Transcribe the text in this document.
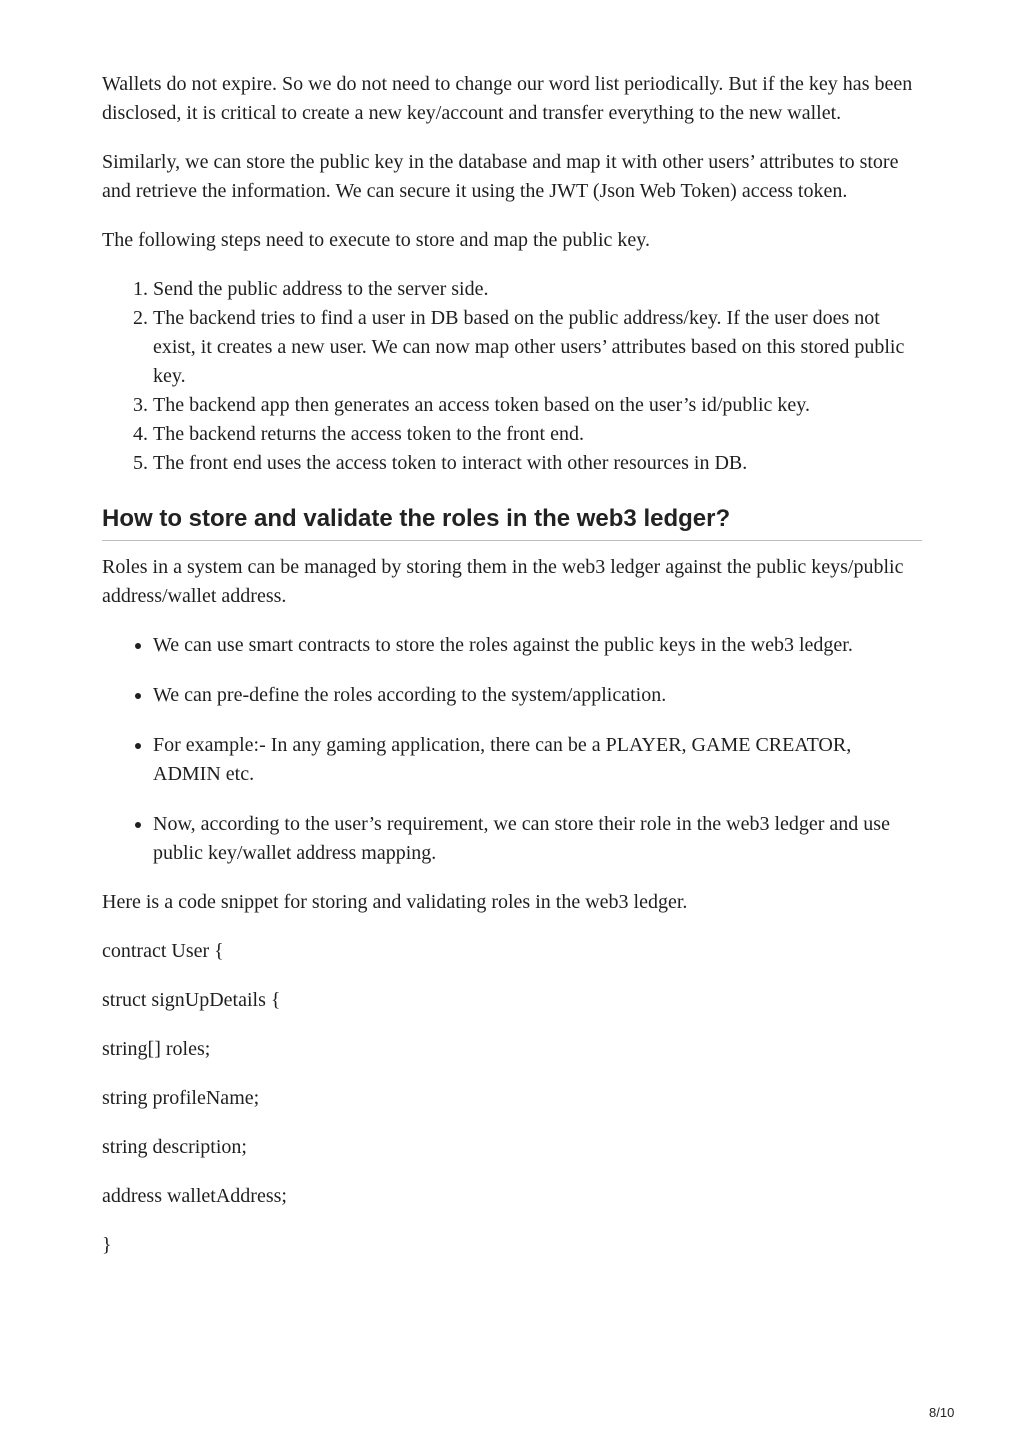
Wallets do not expire. So we do not need to change our word list periodically. But if the key has been disclosed, it is critical to create a new key/account and transfer everything to the new wallet.

Similarly, we can store the public key in the database and map it with other users’ attributes to store and retrieve the information. We can secure it using the JWT (Json Web Token) access token.

The following steps need to execute to store and map the public key.

1. Send the public address to the server side.
2. The backend tries to find a user in DB based on the public address/key. If the user does not exist, it creates a new user. We can now map other users’ attributes based on this stored public key.
3. The backend app then generates an access token based on the user’s id/public key.
4. The backend returns the access token to the front end.
5. The front end uses the access token to interact with other resources in DB.
How to store and validate the roles in the web3 ledger?

Roles in a system can be managed by storing them in the web3 ledger against the public keys/public address/wallet address.

• We can use smart contracts to store the roles against the public keys in the web3 ledger.
• We can pre-define the roles according to the system/application.
• For example:- In any gaming application, there can be a PLAYER, GAME CREATOR, ADMIN etc.
• Now, according to the user’s requirement, we can store their role in the web3 ledger and use public key/wallet address mapping.

Here is a code snippet for storing and validating roles in the web3 ledger.

contract User {
struct signUpDetails {
string[] roles;
string profileName;
string description;
address walletAddress;
}
8/10
